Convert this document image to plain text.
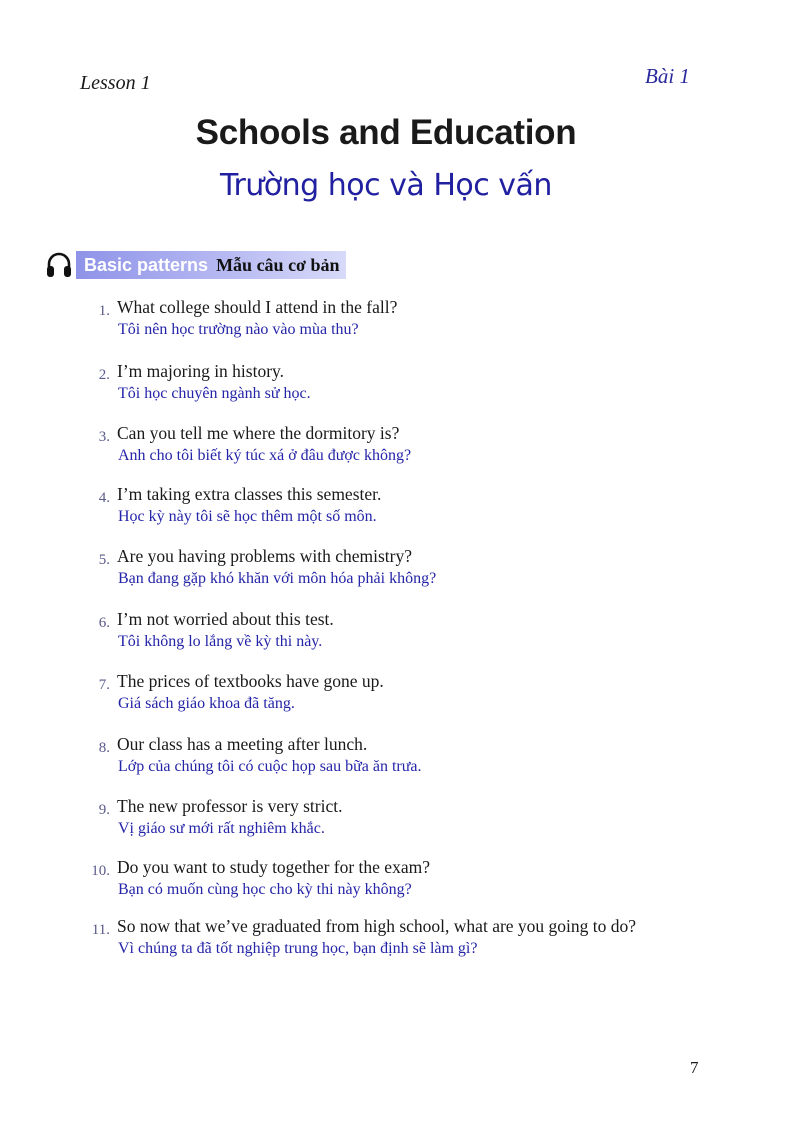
Lesson 1	Bài 1
Schools and Education
Trường học và Học vấn
Basic patterns Mẫu câu cơ bản
1. What college should I attend in the fall?
Tôi nên học trường nào vào mùa thu?
2. I’m majoring in history.
Tôi học chuyên ngành sử học.
3. Can you tell me where the dormitory is?
Anh cho tôi biết ký túc xá ở đâu được không?
4. I’m taking extra classes this semester.
Học kỳ này tôi sẽ học thêm một số môn.
5. Are you having problems with chemistry?
Bạn đang gặp khó khăn với môn hóa phải không?
6. I’m not worried about this test.
Tôi không lo lắng về kỳ thi này.
7. The prices of textbooks have gone up.
Giá sách giáo khoa đã tăng.
8. Our class has a meeting after lunch.
Lớp của chúng tôi có cuộc họp sau bữa ăn trưa.
9. The new professor is very strict.
Vị giáo sư mới rất nghiêm khắc.
10. Do you want to study together for the exam?
Bạn có muốn cùng học cho kỳ thi này không?
11. So now that we’ve graduated from high school, what are you going to do?
Vì chúng ta đã tốt nghiệp trung học, bạn định sẽ làm gì?
7
